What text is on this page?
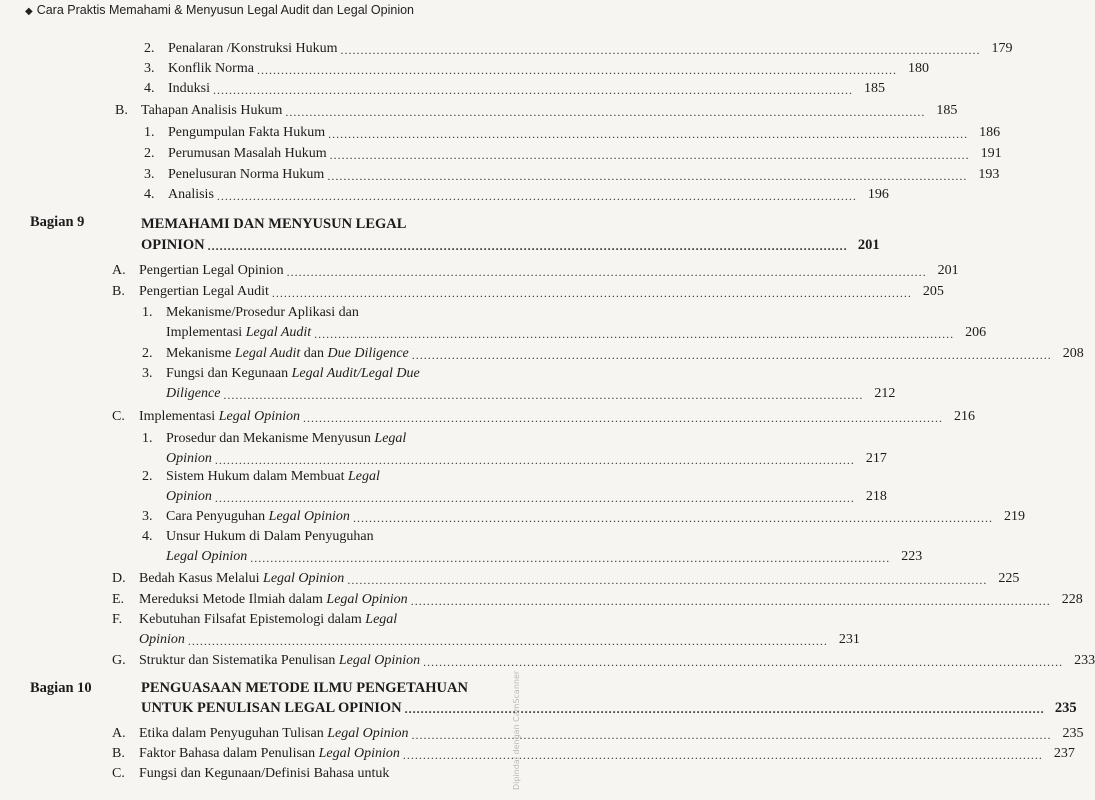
◆ Cara Praktis Memahami & Menyusun Legal Audit dan Legal Opinion
2. Penalaran /Konstruksi Hukum .....	179
3. Konflik Norma .....	180
4. Induksi .....	185
B. Tahapan Analisis Hukum .....	185
1. Pengumpulan Fakta Hukum .....	186
2. Perumusan Masalah Hukum .....	191
3. Penelusuran Norma Hukum .....	193
4. Analisis .....	196
Bagian 9	MEMAHAMI DAN MENYUSUN LEGAL
OPINION .....	201
A. Pengertian Legal Opinion .....	201
B. Pengertian Legal Audit .....	205
1. Mekanisme/Prosedur Aplikasi dan
Implementasi Legal Audit .....	206
2. Mekanisme Legal Audit dan Due Diligence .....	208
3. Fungsi dan Kegunaan Legal Audit/Legal Due
Diligence .....	212
C. Implementasi Legal Opinion .....	216
1. Prosedur dan Mekanisme Menyusun Legal
Opinion .....	217
2. Sistem Hukum dalam Membuat Legal
Opinion .....	218
3. Cara Penyuguhan Legal Opinion .....	219
4. Unsur Hukum di Dalam Penyuguhan
Legal Opinion .....	223
D. Bedah Kasus Melalui Legal Opinion .....	225
E. Mereduksi Metode Ilmiah dalam Legal Opinion .....	228
F. Kebutuhan Filsafat Epistemologi dalam Legal
Opinion .....	231
G. Struktur dan Sistematika Penulisan Legal Opinion .....	233
Bagian 10	PENGUASAAN METODE ILMU PENGETAHUAN
UNTUK PENULISAN LEGAL OPINION .....	235
A. Etika dalam Penyuguhan Tulisan Legal Opinion .....	235
B. Faktor Bahasa dalam Penulisan Legal Opinion .....	237
C. Fungsi dan Kegunaan/Definisi Bahasa untuk	Dipindai dengan CamScanner
